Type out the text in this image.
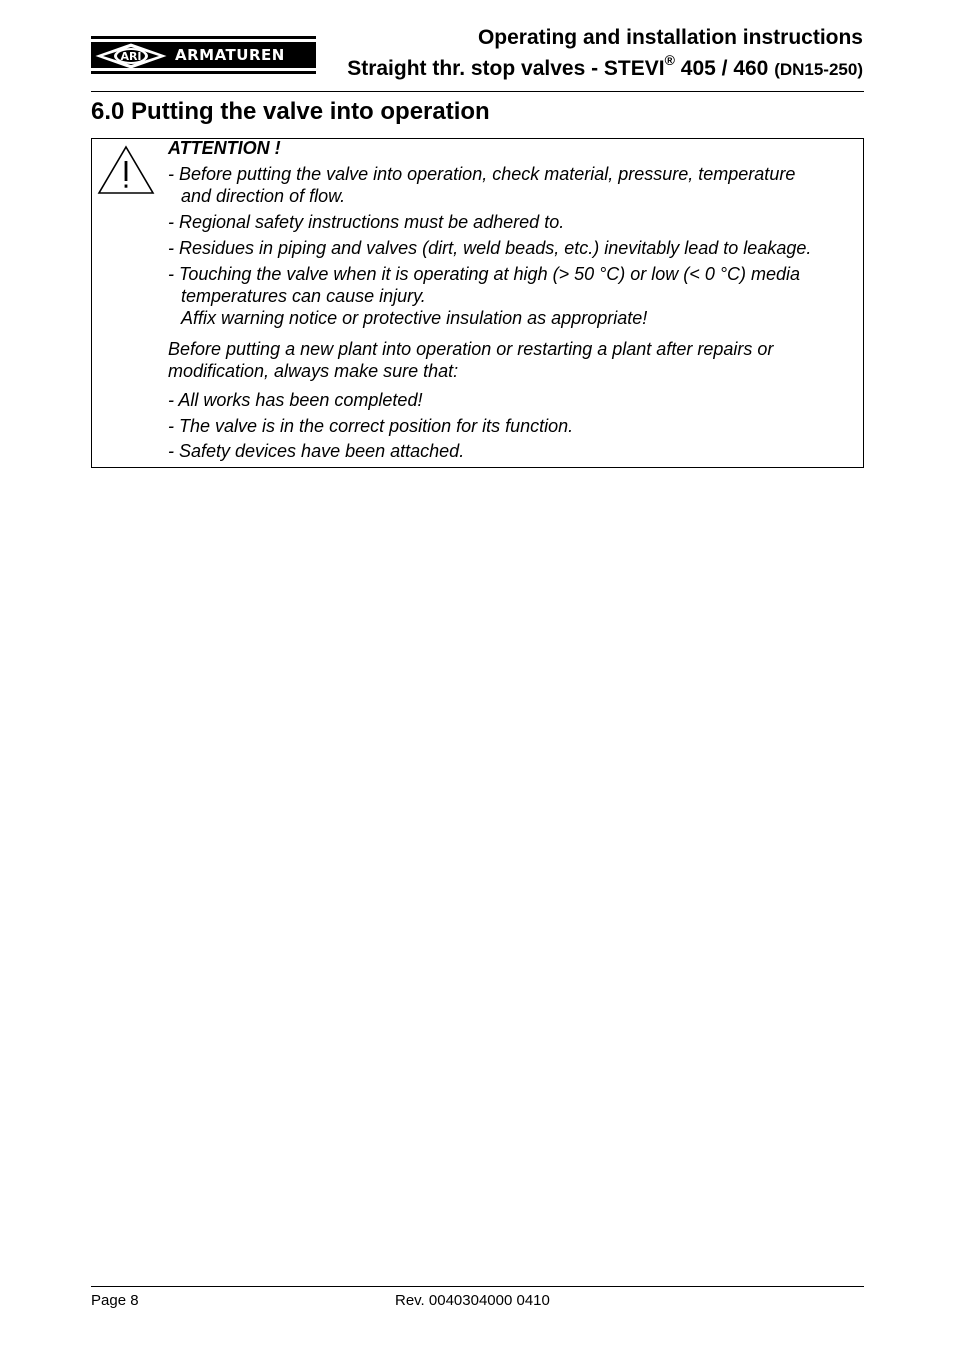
ARI ARMATUREN
Operating and installation instructions
Straight thr. stop valves - STEVI® 405 / 460 (DN15-250)
6.0 Putting the valve into operation
ATTENTION !
- Before putting the valve into operation, check material, pressure, temperature
and direction of flow.
- Regional safety instructions must be adhered to.
- Residues in piping and valves (dirt, weld beads, etc.) inevitably lead to leakage.
- Touching the valve when it is operating at high (> 50 °C) or low (< 0 °C) media
temperatures can cause injury.
Affix warning notice or protective insulation as appropriate!
Before putting a new plant into operation or restarting a plant after repairs or
modification, always make sure that:
- All works has been completed!
- The valve is in the correct position for its function.
- Safety devices have been attached.
Page 8	Rev. 0040304000 0410
